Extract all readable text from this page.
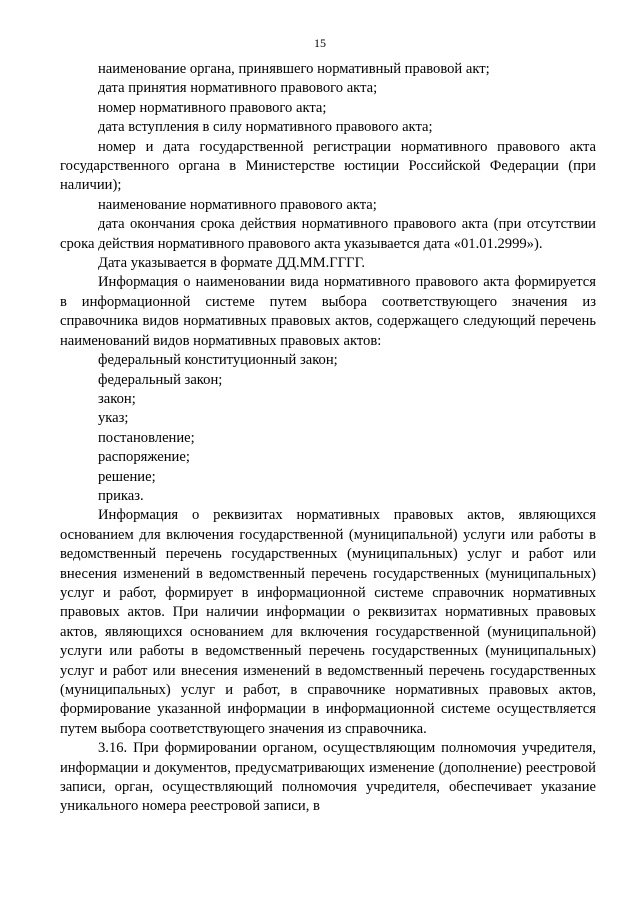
15

наименование органа, принявшего нормативный правовой акт;

дата принятия нормативного правового акта;

номер нормативного правового акта;

дата вступления в силу нормативного правового акта;

номер и дата государственной регистрации нормативного правового акта государственного органа в Министерстве юстиции Российской Федерации (при наличии);

наименование нормативного правового акта;

дата окончания срока действия нормативного правового акта (при отсутствии срока действия нормативного правового акта указывается дата «01.01.2999»).

Дата указывается в формате ДД.ММ.ГГГГ.

Информация о наименовании вида нормативного правового акта формируется в информационной системе путем выбора соответствующего значения из справочника видов нормативных правовых актов, содержащего следующий перечень наименований видов нормативных правовых актов:

федеральный конституционный закон;

федеральный закон;

закон;

указ;

постановление;

распоряжение;

решение;

приказ.

Информация о реквизитах нормативных правовых актов, являющихся основанием для включения государственной (муниципальной) услуги или работы в ведомственный перечень государственных (муниципальных) услуг и работ или внесения изменений в ведомственный перечень государственных (муниципальных) услуг и работ, формирует в информационной системе справочник нормативных правовых актов. При наличии информации о реквизитах нормативных правовых актов, являющихся основанием для включения государственной (муниципальной) услуги или работы в ведомственный перечень государственных (муниципальных) услуг и работ или внесения изменений в ведомственный перечень государственных (муниципальных) услуг и работ, в справочнике нормативных правовых актов, формирование указанной информации в информационной системе осуществляется путем выбора соответствующего значения из справочника.

3.16. При формировании органом, осуществляющим полномочия учредителя, информации и документов, предусматривающих изменение (дополнение) реестровой записи, орган, осуществляющий полномочия учредителя, обеспечивает указание уникального номера реестровой записи, в
